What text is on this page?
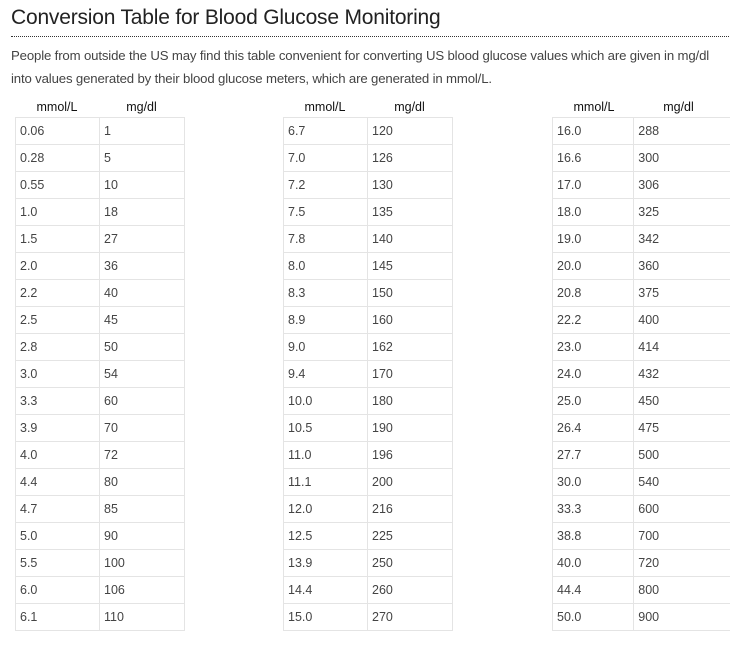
Conversion Table for Blood Glucose Monitoring

People from outside the US may find this table convenient for converting US blood glucose values which are given in mg/dl into values generated by their blood glucose meters, which are generated in mmol/L.

mmol/L	mg/dl
0.06	1
0.28	5
0.55	10
1.0	18
1.5	27
2.0	36
2.2	40
2.5	45
2.8	50
3.0	54
3.3	60
3.9	70
4.0	72
4.4	80
4.7	85
5.0	90
5.5	100
6.0	106
6.1	110
mmol/L	mg/dl
6.7	120
7.0	126
7.2	130
7.5	135
7.8	140
8.0	145
8.3	150
8.9	160
9.0	162
9.4	170
10.0	180
10.5	190
11.0	196
11.1	200
12.0	216
12.5	225
13.9	250
14.4	260
15.0	270
mmol/L	mg/dl
16.0	288
16.6	300
17.0	306
18.0	325
19.0	342
20.0	360
20.8	375
22.2	400
23.0	414
24.0	432
25.0	450
26.4	475
27.7	500
30.0	540
33.3	600
38.8	700
40.0	720
44.4	800
50.0	900
